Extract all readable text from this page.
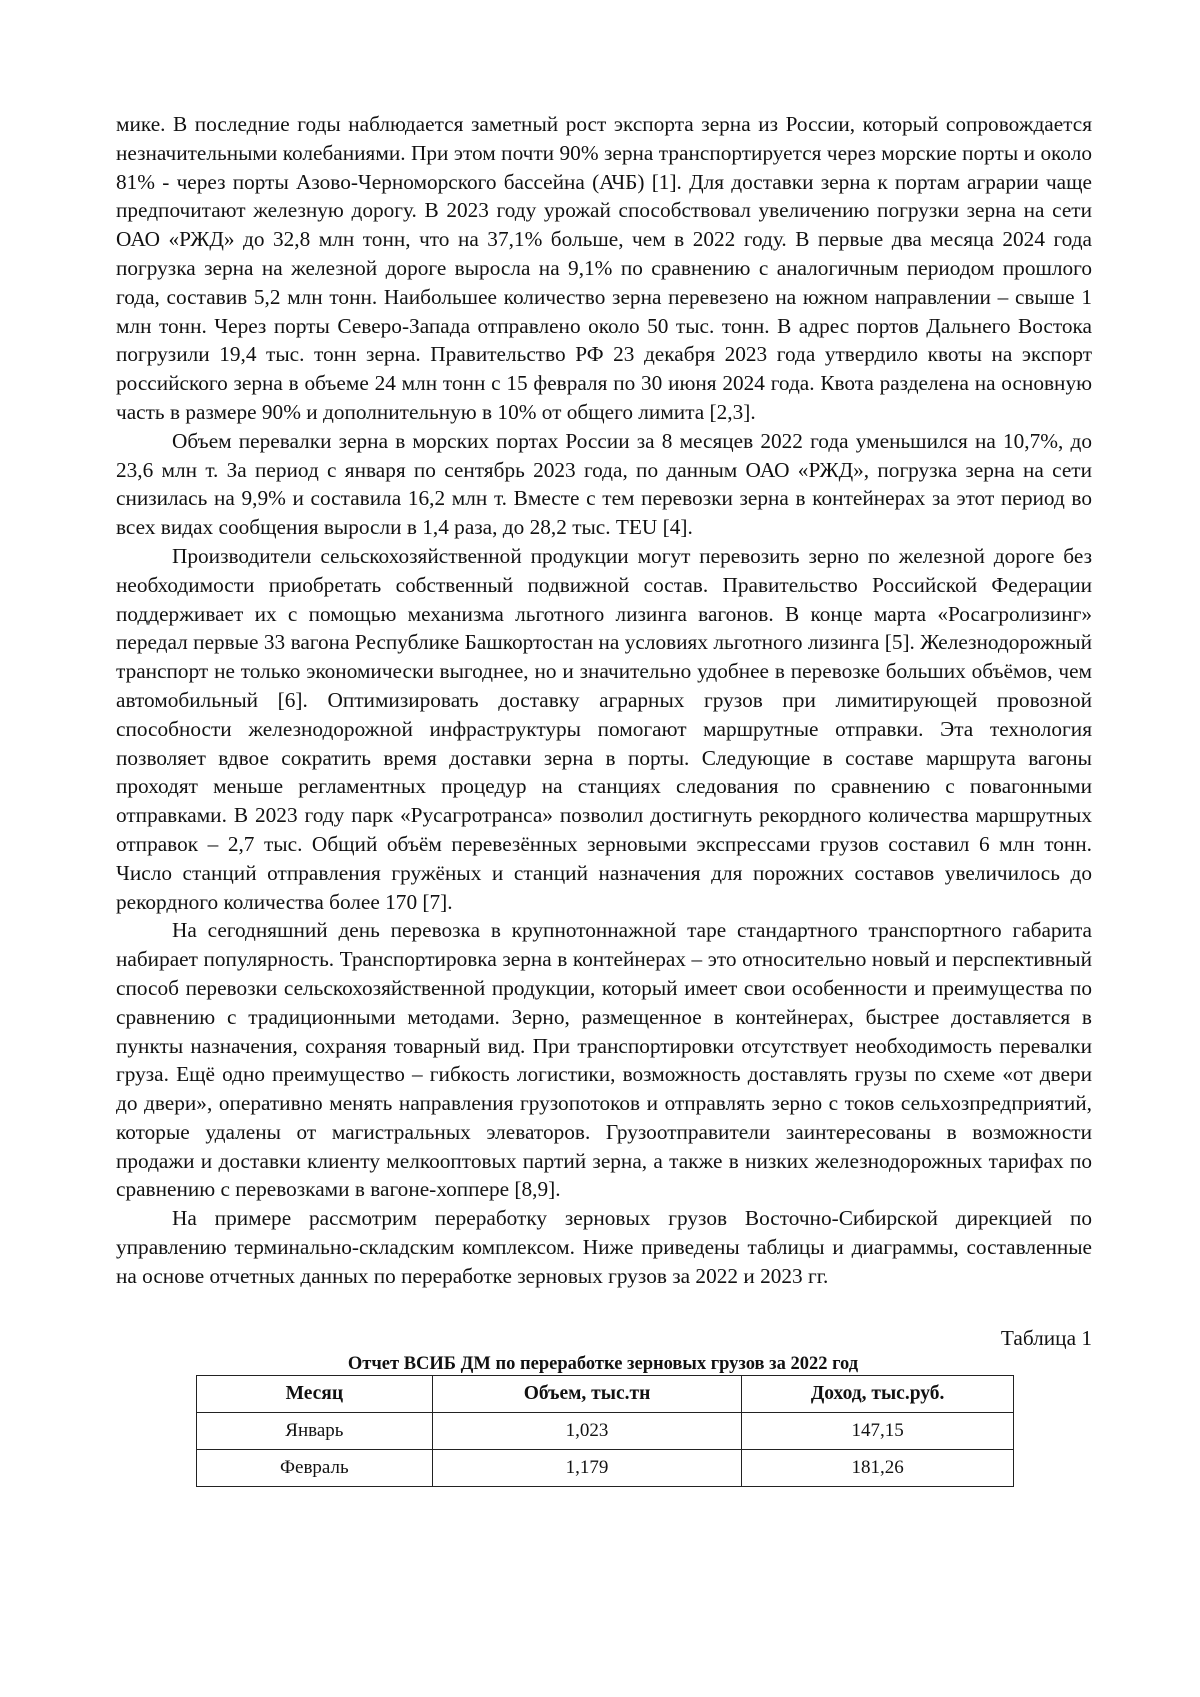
мике. В последние годы наблюдается заметный рост экспорта зерна из России, который сопровождается незначительными колебаниями. При этом почти 90% зерна транспортируется через морские порты и около 81% - через порты Азово-Черноморского бассейна (АЧБ) [1]. Для доставки зерна к портам аграрии чаще предпочитают железную дорогу. В 2023 году урожай способствовал увеличению погрузки зерна на сети ОАО «РЖД» до 32,8 млн тонн, что на 37,1% больше, чем в 2022 году. В первые два месяца 2024 года погрузка зерна на железной дороге выросла на 9,1% по сравнению с аналогичным периодом прошлого года, составив 5,2 млн тонн. Наибольшее количество зерна перевезено на южном направлении – свыше 1 млн тонн. Через порты Северо-Запада отправлено около 50 тыс. тонн. В адрес портов Дальнего Востока погрузили 19,4 тыс. тонн зерна. Правительство РФ 23 декабря 2023 года утвердило квоты на экспорт российского зерна в объеме 24 млн тонн с 15 февраля по 30 июня 2024 года. Квота разделена на основную часть в размере 90% и дополнительную в 10% от общего лимита [2,3].

Объем перевалки зерна в морских портах России за 8 месяцев 2022 года уменьшился на 10,7%, до 23,6 млн т. За период с января по сентябрь 2023 года, по данным ОАО «РЖД», погрузка зерна на сети снизилась на 9,9% и составила 16,2 млн т. Вместе с тем перевозки зерна в контейнерах за этот период во всех видах сообщения выросли в 1,4 раза, до 28,2 тыс. TEU [4].

Производители сельскохозяйственной продукции могут перевозить зерно по железной дороге без необходимости приобретать собственный подвижной состав. Правительство Российской Федерации поддерживает их с помощью механизма льготного лизинга вагонов. В конце марта «Росагролизинг» передал первые 33 вагона Республике Башкортостан на условиях льготного лизинга [5]. Железнодорожный транспорт не только экономически выгоднее, но и значительно удобнее в перевозке больших объёмов, чем автомобильный [6]. Оптимизировать доставку аграрных грузов при лимитирующей провозной способности железнодорожной инфраструктуры помогают маршрутные отправки. Эта технология позволяет вдвое сократить время доставки зерна в порты. Следующие в составе маршрута вагоны проходят меньше регламентных процедур на станциях следования по сравнению с повагонными отправками. В 2023 году парк «Русагротранса» позволил достигнуть рекордного количества маршрутных отправок – 2,7 тыс. Общий объём перевезённых зерновыми экспрессами грузов составил 6 млн тонн. Число станций отправления гружёных и станций назначения для порожних составов увеличилось до рекордного количества более 170 [7].

На сегодняшний день перевозка в крупнотоннажной таре стандартного транспортного габарита набирает популярность. Транспортировка зерна в контейнерах – это относительно новый и перспективный способ перевозки сельскохозяйственной продукции, который имеет свои особенности и преимущества по сравнению с традиционными методами. Зерно, размещенное в контейнерах, быстрее доставляется в пункты назначения, сохраняя товарный вид. При транспортировки отсутствует необходимость перевалки груза. Ещё одно преимущество – гибкость логистики, возможность доставлять грузы по схеме «от двери до двери», оперативно менять направления грузопотоков и отправлять зерно с токов сельхозпредприятий, которые удалены от магистральных элеваторов. Грузоотправители заинтересованы в возможности продажи и доставки клиенту мелкооптовых партий зерна, а также в низких железнодорожных тарифах по сравнению с перевозками в вагоне-хоппере [8,9].

На примере рассмотрим переработку зерновых грузов Восточно-Сибирской дирекцией по управлению терминально-складским комплексом. Ниже приведены таблицы и диаграммы, составленные на основе отчетных данных по переработке зерновых грузов за 2022 и 2023 гг.

Таблица 1
Отчет ВСИБ ДМ по переработке зерновых грузов за 2022 год
Месяц	Объем, тыс.тн	Доход, тыс.руб.
Январь	1,023	147,15
Февраль	1,179	181,26
